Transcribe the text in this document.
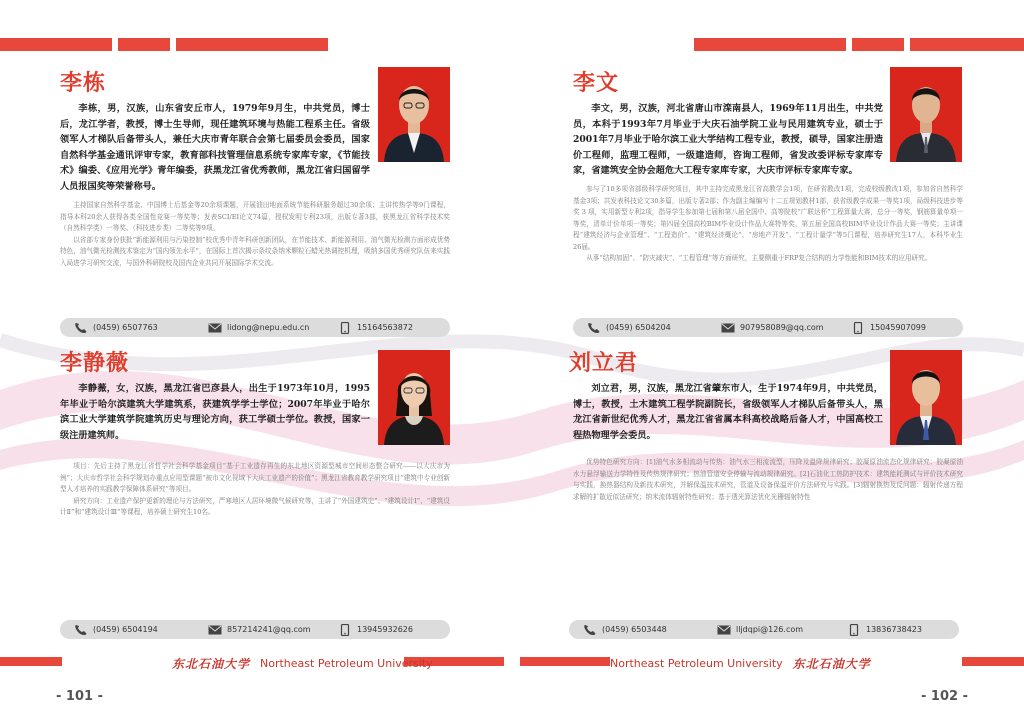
李栋

李栋，男，汉族，山东省安丘市人，1979年9月生，中共党员，博士后，龙江学者，教授，博士生导师，现任建筑环境与热能工程系主任。省级领军人才梯队后备带头人，兼任大庆市青年联合会第七届委员会委员，国家自然科学基金通讯评审专家，教育部科技管理信息系统专家库专家，《节能技术》编委、《应用光学》青年编委，获黑龙江省优秀教师，黑龙江省归国留学人员报国奖等荣誉称号。

主持国家自然科学基金、中国博士后基金等20余项课题，开展油田地面系统节能科研服务超过30余项；主讲传热学等9门课程，指导本科20余人获得各类全国性竞赛一等奖等；发表SCI/EI论文74篇，授权发明专利23项，出版专著3部，获黑龙江省科学技术奖（自然科学类）一等奖、（科技进步类）二等奖等9项。

以省部专家身份获批“新能源利用与污染控制”校优秀中青年科研创新团队，在节能技术、新能源利用、油气微光检测方面形成优势特色，油气微光检测技术鉴定为“国内领先水平”，在国际上首次揭示条纹条纳米颗粒石蜡光热调控机理，吸纳多国优秀研究队伍来实践入局进学习研究交流，与国外科研院校及国内企业共同开展国际学术交流。

(0459) 6507763	lidong@nepu.edu.cn	15164563872
李文

李文，男，汉族，河北省唐山市滦南县人，1969年11月出生，中共党员，本科于1993年7月毕业于大庆石油学院工业与民用建筑专业，硕士于2001年7月毕业于哈尔滨工业大学结构工程专业，教授，硕导，国家注册造价工程师，监理工程师，一级建造师，咨询工程师，省发改委评标专家库专家，省建筑安全协会超危大工程专家库专家，大庆市评标专家库专家。

参与了10多项省部级科学研究项目，其中主持完成黑龙江省高教学会1项，在研省教改1项，完成校级教改1项，参加省自然科学基金3项；共发表科技论文30多篇，出版专著2部；作为副主编编写十二五规划教材1部，获省级教学成果一等奖1项，局级科技进步等奖 3 项，实用新型专利2项，指导学生参加第七届和第八届全国中、高等院校“广联达杯”工程算量大赛，总分一等奖，钢筋算量单项一等奖，清单计价单项一等奖；第四届全国高校BIM毕业设计作品大赛特等奖，第五届全国高校BIM毕业设计作品大赛一等奖；主讲课程“建筑经济与企业管理”、“工程造价”、“建筑经济概论”、“房地产开发”、“工程计量学”等5门课程，培养研究生17人，本科毕业生26届。

从事“结构加固”、“防灾减灾”、“工程管理”等方面研究，主要侧重于FRP复合结构的力学性能和BIM技术的应用研究。

(0459) 6504204	907958089@qq.com	15045907099
李静薇

李静薇，女，汉族，黑龙江省巴彦县人，出生于1973年10月，1995年毕业于哈尔滨建筑大学建筑系，获建筑学学士学位；2007年毕业于哈尔滨工业大学建筑学院建筑历史与理论方向，获工学硕士学位。教授，国家一级注册建筑师。

项目：先后主持了黑龙江省哲学社会科学基金项目“基于工业遗存再生的东北地区资源型城市空间形态整合研究——以大庆市为例”；大庆市哲学社会科学规划办重点应用型课题“被市文化视域下大庆工业遗产的价值”；黑龙江省教育教学研究项目“建筑中专业创新型人才培养的实践教学保障体系研究”等项目。

研究方向：工业遗产保护更新的理论与方法研究，严寒地区人居环境微气候研究等，主讲了“外国建筑史”、“建筑设计Ⅰ”、“建筑设计Ⅱ”和“建筑设计Ⅲ”等课程，培养硕士研究生10名。

(0459) 6504194	857214241@qq.com	13945932626
刘立君

刘立君，男，汉族，黑龙江省肇东市人，生于1974年9月，中共党员，博士，教授，土木建筑工程学院副院长，省级领军人才梯队后备带头人，黑龙江省新世纪优秀人才，黑龙江省省属本科高校战略后备人才，中国高校工程热物理学会委员。

优势特色研究方向：[1]油气水多相流动与传热：油气水三相流流型，压降及温降规律研究；胶凝原油流态化规律研究；胶凝原油水力悬浮输送力学特性及传热规律研究；热油管道安全停输与流动规律研究。[2]石油化工热防护技术：建筑能耗测试与评价技术研究与实践，换热器结构及新技术研究，并解保温技术研究，管道及设备保温评价方法研究与实践。[3]辐射换热及反问题：辐射传递方程求解的扩散近似法研究；纳米流体辐射特性研究；基于透光算法优化光栅辐射特性

(0459) 6503448	lljdqpi@126.com	13836738423
东北石油大学 Northeast Petroleum University	Northeast Petroleum University 东北石油大学
- 101 -	- 102 -
